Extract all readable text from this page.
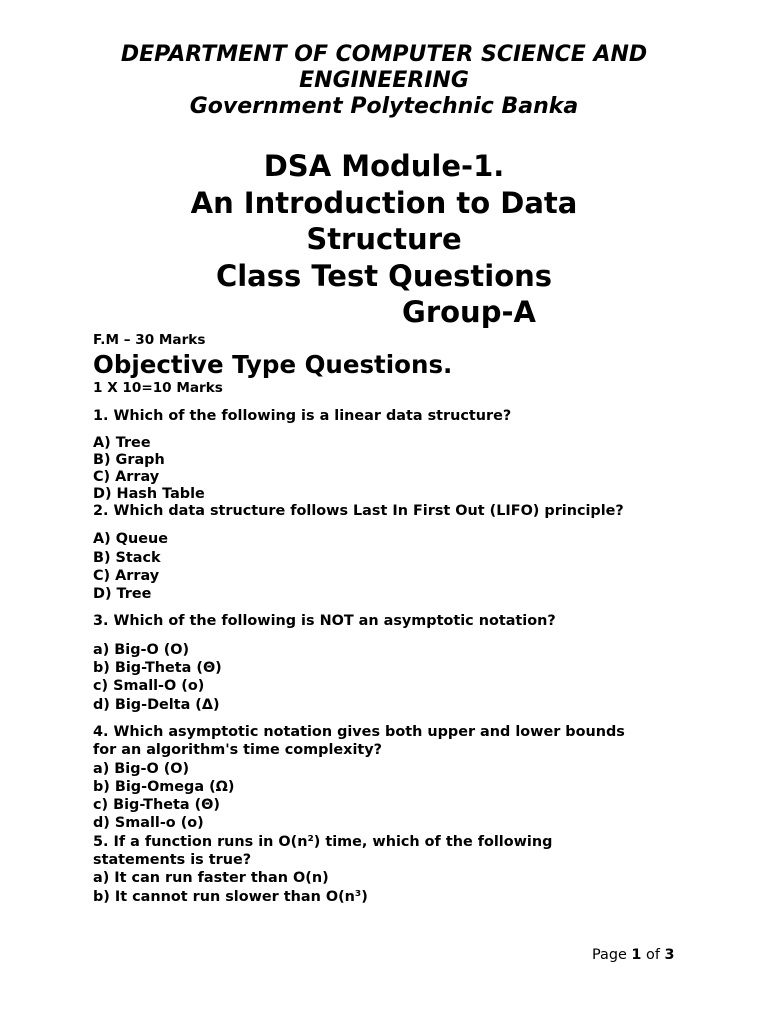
DEPARTMENT OF COMPUTER SCIENCE AND
ENGINEERING
Government Polytechnic Banka
DSA Module-1.
An Introduction to Data
Structure
Class Test Questions
Group-A
F.M – 30 Marks
Objective Type Questions.
1 X 10=10 Marks
1. Which of the following is a linear data structure?
A) Tree
B) Graph
C) Array
D) Hash Table
2. Which data structure follows Last In First Out (LIFO) principle?
A) Queue
B) Stack
C) Array
D) Tree
3. Which of the following is NOT an asymptotic notation?
a) Big-O (O)
b) Big-Theta (Θ)
c) Small-O (o)
d) Big-Delta (Δ)
4. Which asymptotic notation gives both upper and lower bounds
for an algorithm's time complexity?
a) Big-O (O)
b) Big-Omega (Ω)
c) Big-Theta (Θ)
d) Small-o (o)
5. If a function runs in O(n²) time, which of the following
statements is true?
a) It can run faster than O(n)
b) It cannot run slower than O(n³)
Page 1 of 3
